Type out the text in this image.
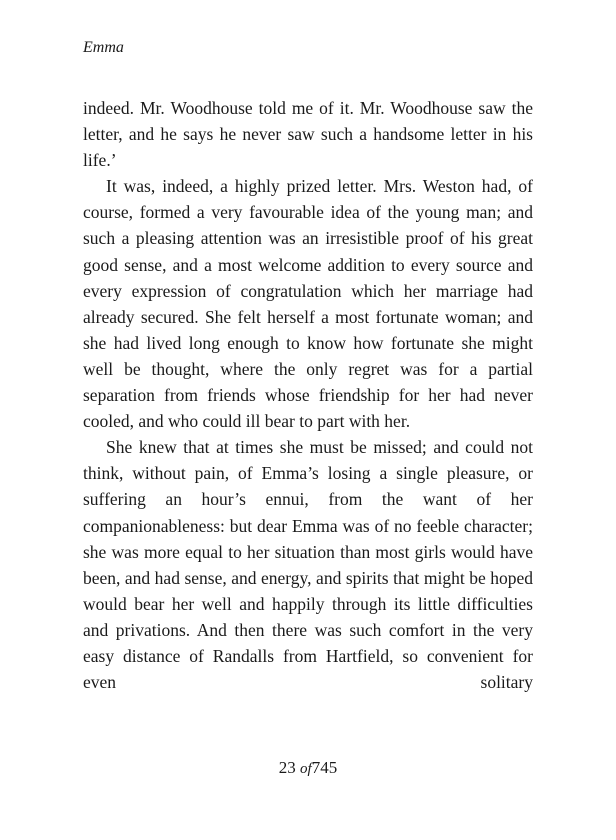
Emma

indeed. Mr. Woodhouse told me of it. Mr. Woodhouse saw the letter, and he says he never saw such a handsome letter in his life.’

It was, indeed, a highly prized letter. Mrs. Weston had, of course, formed a very favourable idea of the young man; and such a pleasing attention was an irresistible proof of his great good sense, and a most welcome addition to every source and every expression of congratulation which her marriage had already secured. She felt herself a most fortunate woman; and she had lived long enough to know how fortunate she might well be thought, where the only regret was for a partial separation from friends whose friendship for her had never cooled, and who could ill bear to part with her.

She knew that at times she must be missed; and could not think, without pain, of Emma’s losing a single pleasure, or suffering an hour’s ennui, from the want of her companionableness: but dear Emma was of no feeble character; she was more equal to her situation than most girls would have been, and had sense, and energy, and spirits that might be hoped would bear her well and happily through its little difficulties and privations. And then there was such comfort in the very easy distance of Randalls from Hartfield, so convenient for even solitary

23 of745
